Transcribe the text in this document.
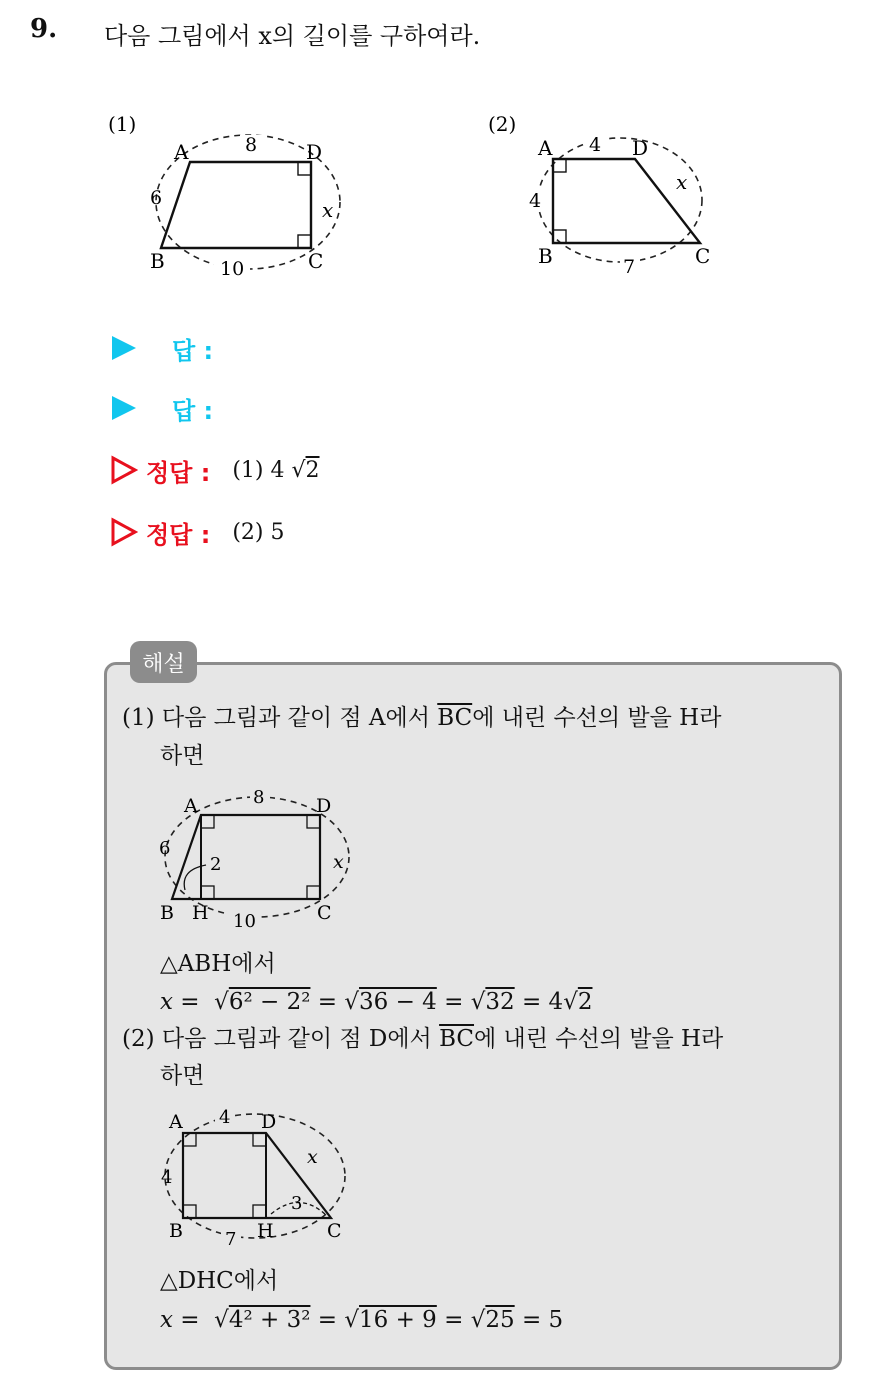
9. 다음 그림에서 x의 길이를 구하여라.
(1)
A	D
B	C
8
6
10
x
(2)
A	D
B	C
4
4
7
x
답 :
답 :
정답 : (1) 4 √2
정답 : (2) 5
해설
(1) 다음 그림과 같이 점 A에서 $\overline{BC}$에 내린 수선의 발을 H라
하면
A	D
B H	C
8
6
10
2	x
△ABH에서
x =  √6² − 2² = √36 − 4 = √32 = 4√2
(2) 다음 그림과 같이 점 D에서 $\overline{BC}$에 내린 수선의 발을 H라
하면
A	D
B	H	C
4
4
7
3
x
△DHC에서
x =  √4² + 3² = √16 + 9 = √25 = 5
